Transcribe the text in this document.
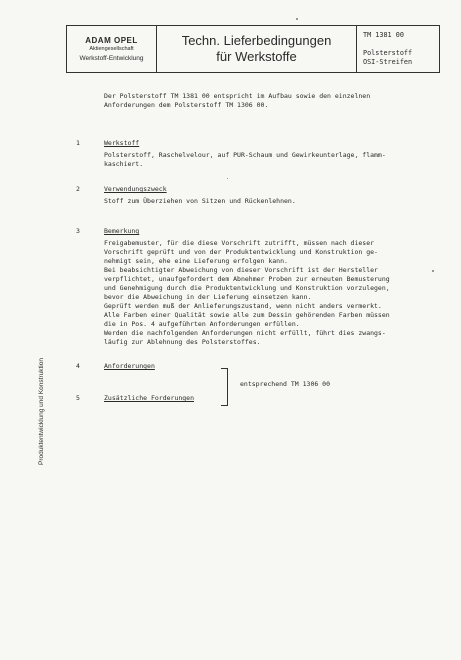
ADAM OPEL
Aktiengesellschaft
Werkstoff-Entwicklung
Techn. Lieferbedingungen
für Werkstoffe
TM 1381 00
Polsterstoff
OSI-Streifen
Produktentwicklung und Konstruktion
Der Polsterstoff TM 1381 00 entspricht im Aufbau sowie den einzelnen
Anforderungen dem Polsterstoff TM 1306 00.
1	Werkstoff
Polsterstoff, Raschelvelour, auf PUR-Schaum und Gewirkeunterlage, flamm-
kaschiert.
2	Verwendungszweck
Stoff zum Überziehen von Sitzen und Rückenlehnen.
3	Bemerkung
Freigabemuster, für die diese Vorschrift zutrifft, müssen nach dieser
Vorschrift geprüft und von der Produktentwicklung und Konstruktion ge-
nehmigt sein, ehe eine Lieferung erfolgen kann.
Bei beabsichtigter Abweichung von dieser Vorschrift ist der Hersteller
verpflichtet, unaufgefordert dem Abnehmer Proben zur erneuten Bemusterung
und Genehmigung durch die Produktentwicklung und Konstruktion vorzulegen,
bevor die Abweichung in der Lieferung einsetzen kann.
Geprüft werden muß der Anlieferungszustand, wenn nicht anders vermerkt.
Alle Farben einer Qualität sowie alle zum Dessin gehörenden Farben müssen
die in Pos. 4 aufgeführten Anforderungen erfüllen.
Werden die nachfolgenden Anforderungen nicht erfüllt, führt dies zwangs-
läufig zur Ablehnung des Polsterstoffes.
4	Anforderungen
5	Zusätzliche Forderungen
entsprechend TM 1306 00
